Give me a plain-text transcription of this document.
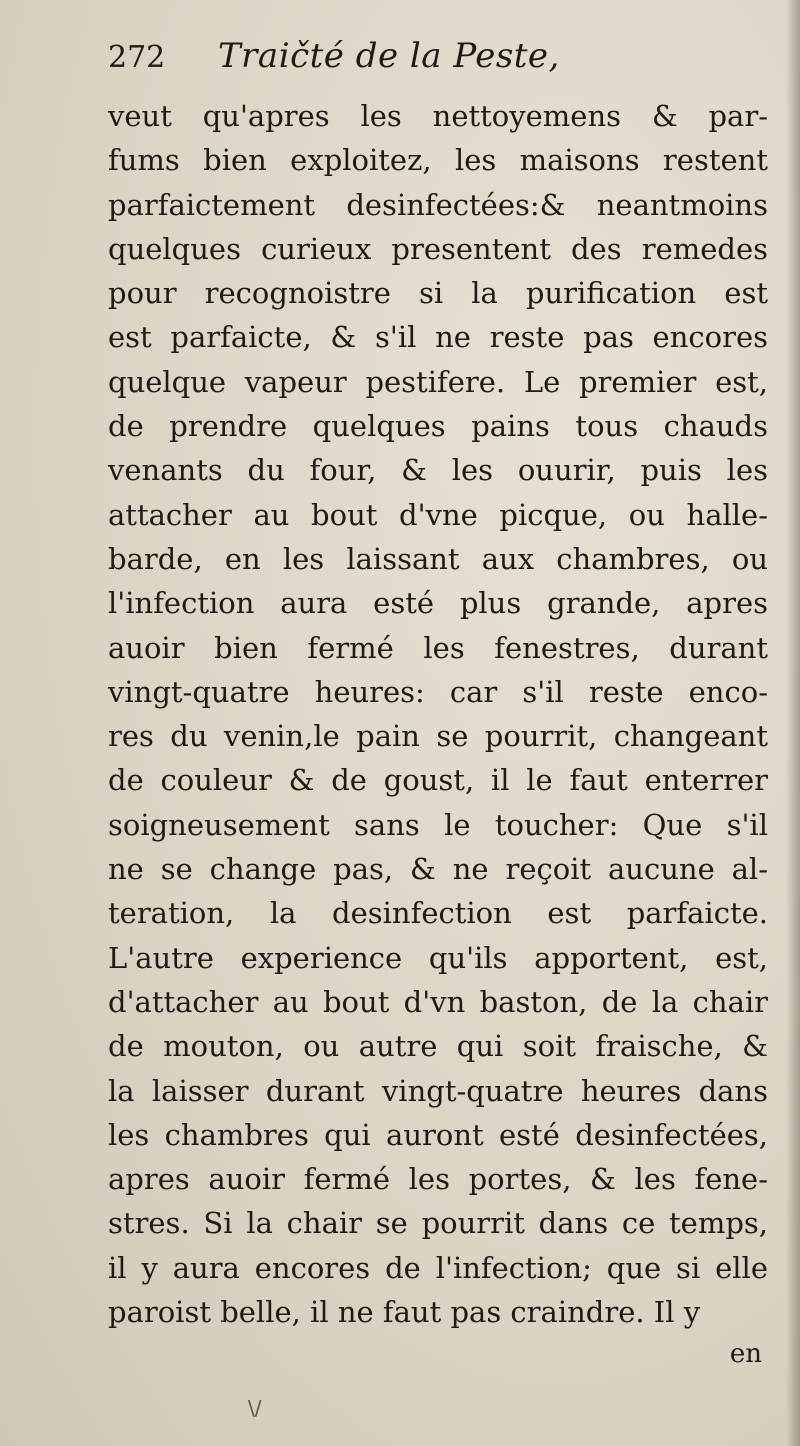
272	Traičté de la Peste,
veut qu'apres les nettoyemens & par-
fums bien exploitez, les maisons restent
parfaictement desinfectées:& neantmoins
quelques curieux presentent des remedes
pour recognoistre si la purification est
est parfaicte, & s'il ne reste pas encores
quelque vapeur pestifere. Le premier est,
de prendre quelques pains tous chauds
venants du four, & les ouurir, puis les
attacher au bout d'vne picque, ou halle-
barde, en les laissant aux chambres, ou
l'infection aura esté plus grande, apres
auoir bien fermé les fenestres, durant
vingt-quatre heures: car s'il reste enco-
res du venin,le pain se pourrit, changeant
de couleur & de goust, il le faut enterrer
soigneusement sans le toucher: Que s'il
ne se change pas, & ne reçoit aucune al-
teration, la desinfection est parfaicte.
L'autre experience qu'ils apportent, est,
d'attacher au bout d'vn baston, de la chair
de mouton, ou autre qui soit fraische, &
la laisser durant vingt-quatre heures dans
les chambres qui auront esté desinfectées,
apres auoir fermé les portes, & les fene-
stres. Si la chair se pourrit dans ce temps,
il y aura encores de l'infection; que si elle
paroist belle, il ne faut pas craindre. Il y
en
\/
